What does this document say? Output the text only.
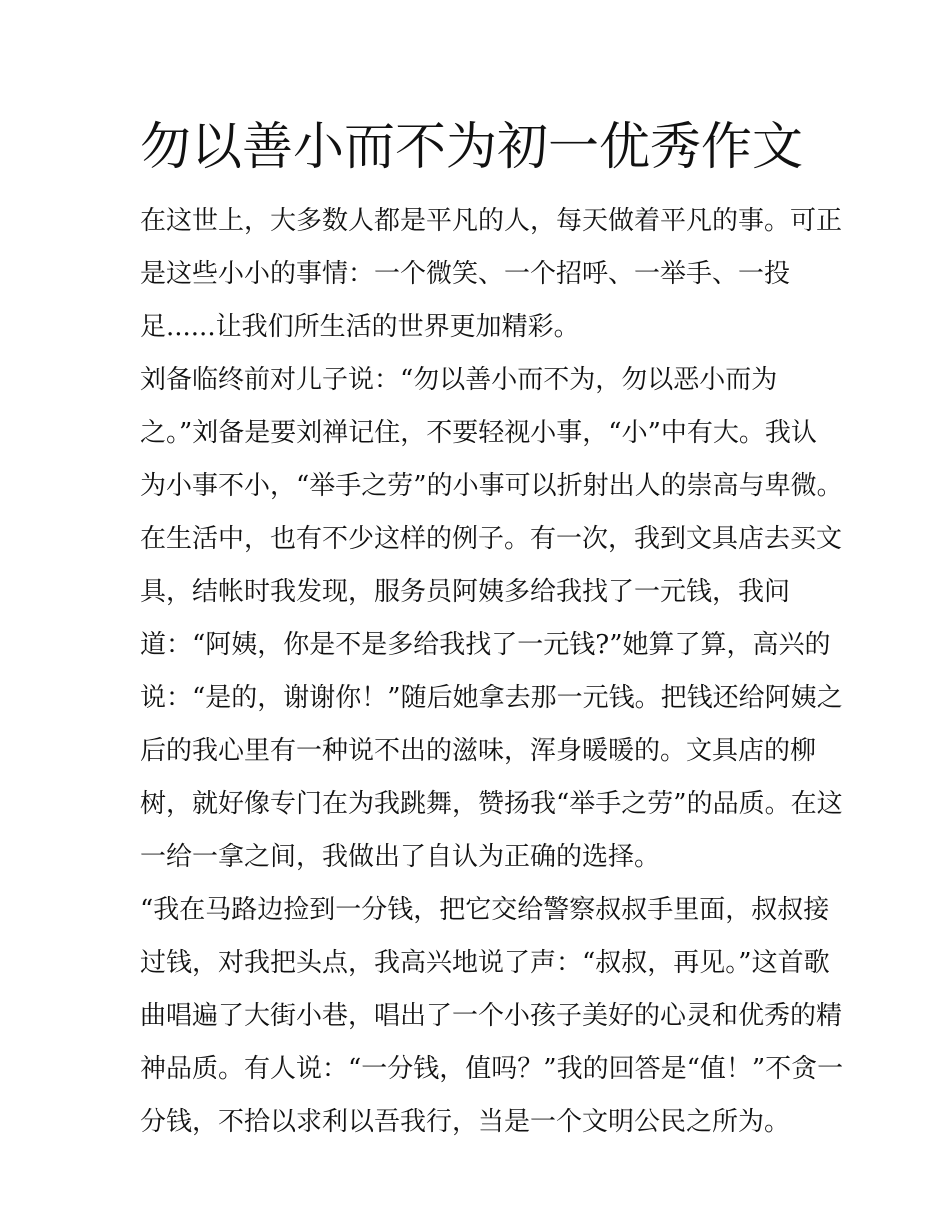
勿以善小而不为初一优秀作文
在这世上，大多数人都是平凡的人，每天做着平凡的事。可正
是这些小小的事情：一个微笑、一个招呼、一举手、一投
足......让我们所生活的世界更加精彩。
刘备临终前对儿子说：“勿以善小而不为，勿以恶小而为
之。”刘备是要刘禅记住，不要轻视小事，“小”中有大。我认
为小事不小，“举手之劳”的小事可以折射出人的崇高与卑微。
在生活中，也有不少这样的例子。有一次，我到文具店去买文
具，结帐时我发现，服务员阿姨多给我找了一元钱，我问
道：“阿姨，你是不是多给我找了一元钱?”她算了算，高兴的
说：“是的，谢谢你！”随后她拿去那一元钱。把钱还给阿姨之
后的我心里有一种说不出的滋味，浑身暖暖的。文具店的柳
树，就好像专门在为我跳舞，赞扬我“举手之劳”的品质。在这
一给一拿之间，我做出了自认为正确的选择。
“我在马路边捡到一分钱，把它交给警察叔叔手里面，叔叔接
过钱，对我把头点，我高兴地说了声：“叔叔，再见。”这首歌
曲唱遍了大街小巷，唱出了一个小孩子美好的心灵和优秀的精
神品质。有人说：“一分钱，值吗？”我的回答是“值！”不贪一
分钱，不拾以求利以吾我行，当是一个文明公民之所为。
